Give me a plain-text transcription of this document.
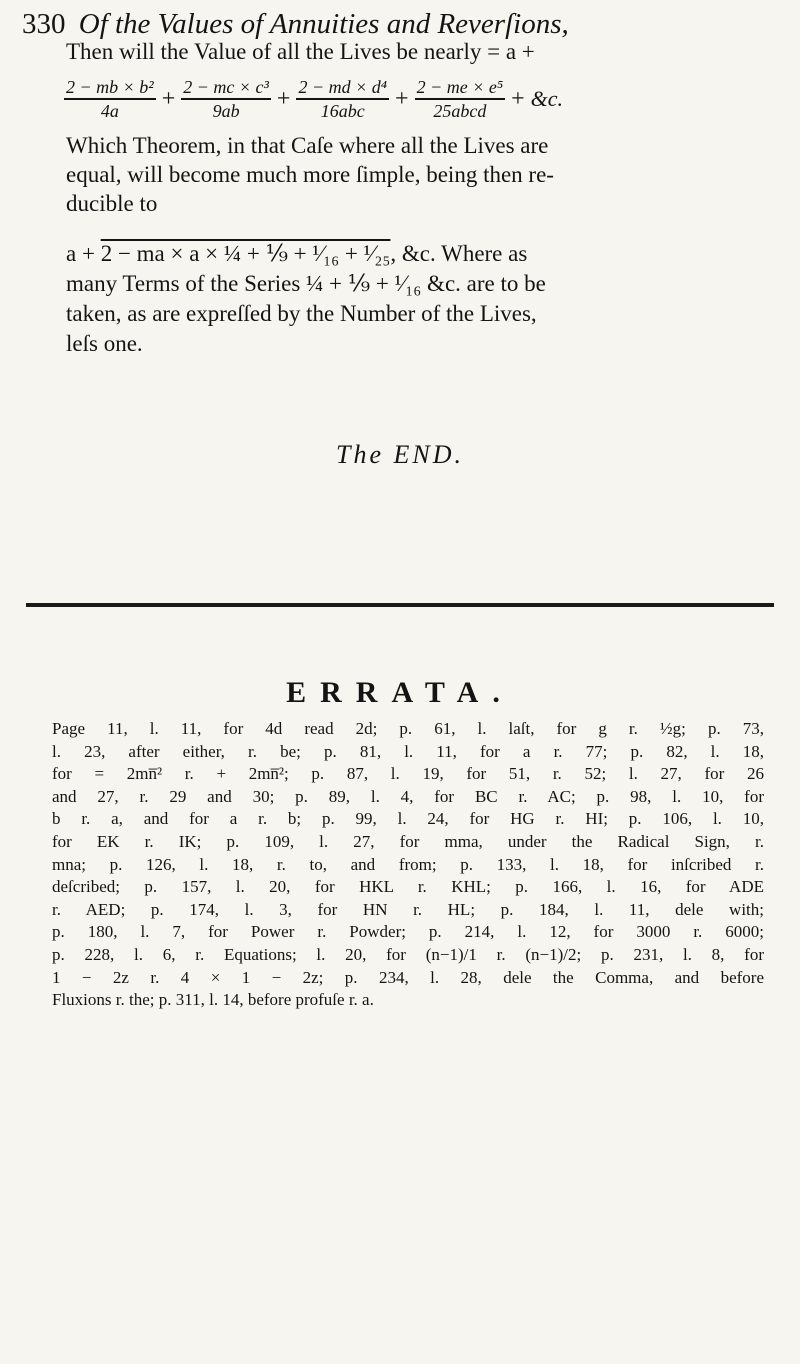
330 Of the Values of Annuities and Reverſions,
Then will the Value of all the Lives be nearly = a +
$\frac{\text{2 − mb × b²}}{4a} + \frac{\text{2 − mc × c³}}{9ab} + \frac{\text{2 − md × d⁴}}{\text{16abc}} + \frac{\text{2 − me × e⁵}}{\text{25abcd}}$ + &c.
Which Theorem, in that Caſe where all the Lives are
equal, will become much more ſimple, being then re-
ducible to
a + 2 − ma × a × ¼ + ⅑ + ¹⁄₁₆ + ¹⁄₂₅, &c. Where as
many Terms of the Series ¼ + ⅑ + ¹⁄₁₆ &c. are to be
taken, as are expreſſed by the Number of the Lives,
leſs one.
The END.
ERRATA.
Page 11, l. 11, for 4d read 2d; p. 61, l. laſt, for g r. ½g; p. 73,
l. 23, after either, r. be; p. 81, l. 11, for a r. 77; p. 82, l. 18,
for = 2mn̅² r. + 2mn̅²; p. 87, l. 19, for 51, r. 52; l. 27, for 26
and 27, r. 29 and 30; p. 89, l. 4, for BC r. AC; p. 98, l. 10, for
b r. a, and for a r. b; p. 99, l. 24, for HG r. HI; p. 106, l. 10,
for EK r. IK; p. 109, l. 27, for mma, under the Radical Sign, r.
mna; p. 126, l. 18, r. to, and from; p. 133, l. 18, for inſcribed r.
deſcribed; p. 157, l. 20, for HKL r. KHL; p. 166, l. 16, for ADE
r. AED; p. 174, l. 3, for HN r. HL; p. 184, l. 11, dele with;
p. 180, l. 7, for Power r. Powder; p. 214, l. 12, for 3000 r. 6000;
p. 228, l. 6, r. Equations; l. 20, for (n−1)/1 r. (n−1)/2; p. 231, l. 8, for
1 − 2z r. 4 × 1 − 2z; p. 234, l. 28, dele the Comma, and before
Fluxions r. the; p. 311, l. 14, before profuſe r. a.
